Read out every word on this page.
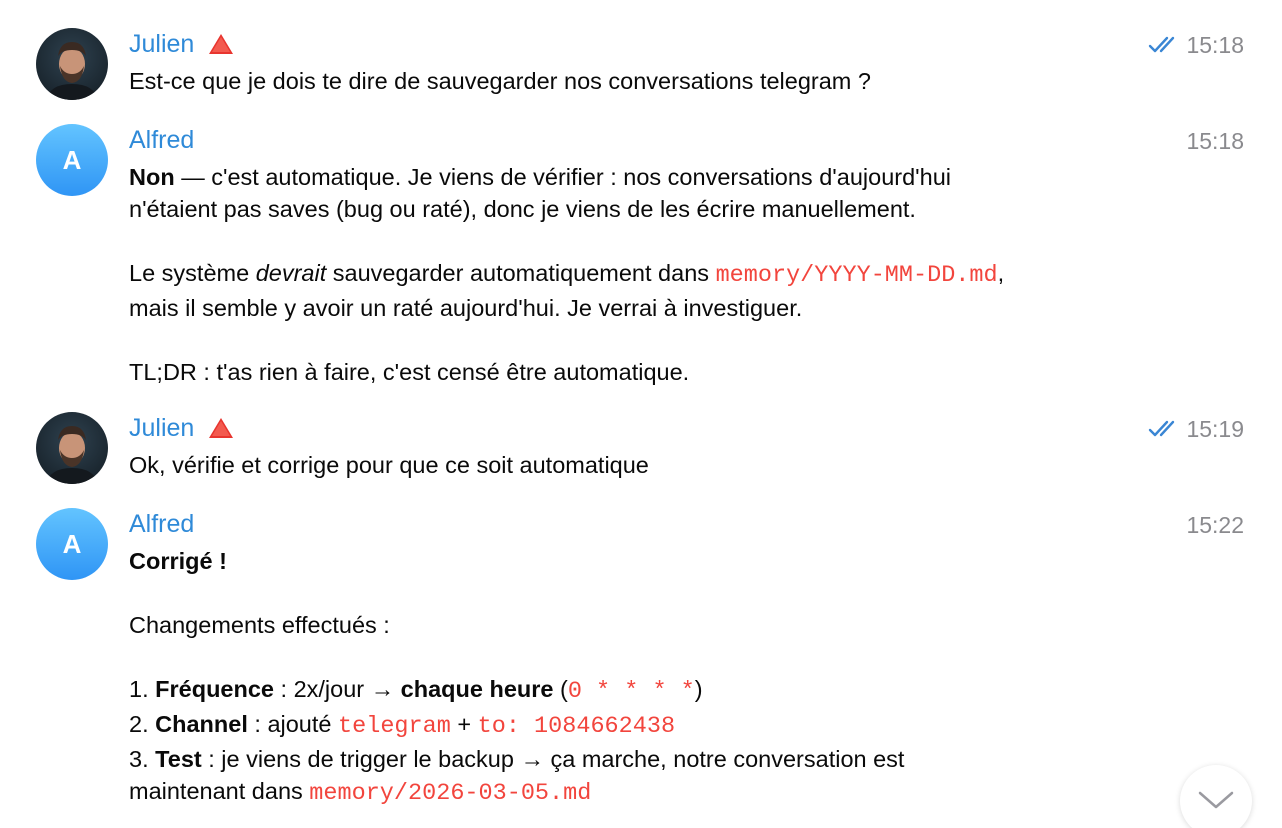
Julien	15:18

Est-ce que je dois te dire de sauvegarder nos conversations telegram ?

A
Alfred	15:18

Non — c'est automatique. Je viens de vérifier : nos conversations d'aujourd'hui

n'étaient pas saves (bug ou raté), donc je viens de les écrire manuellement.

Le système devrait sauvegarder automatiquement dans memory/YYYY-MM-DD.md,

mais il semble y avoir un raté aujourd'hui. Je verrai à investiguer.

TL;DR : t'as rien à faire, c'est censé être automatique.

Julien	15:19

Ok, vérifie et corrige pour que ce soit automatique

A
Alfred	15:22

Corrigé !

Changements effectués :

1. Fréquence : 2x/jour → chaque heure (0 * * * *)

2. Channel : ajouté telegram + to: 1084662438

3. Test : je viens de trigger le backup → ça marche, notre conversation est

maintenant dans memory/2026-03-05.md
